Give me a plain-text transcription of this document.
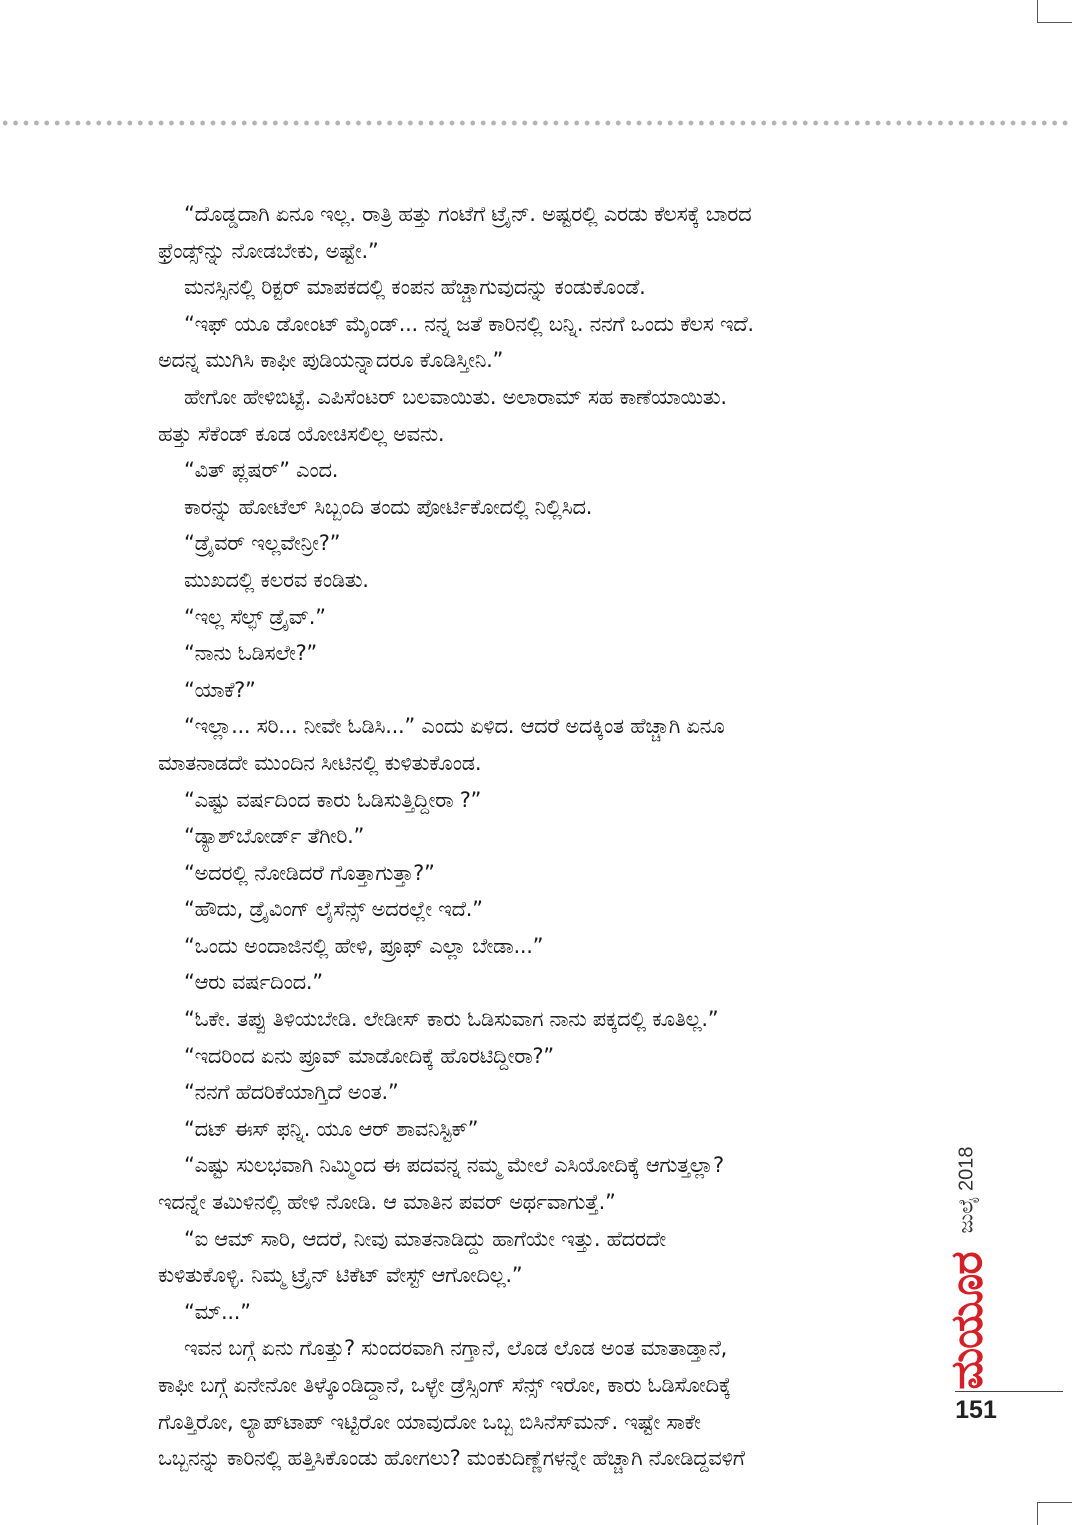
“ದೊಡ್ಡದಾಗಿ ಏನೂ ಇಲ್ಲ. ರಾತ್ರಿ ಹತ್ತು ಗಂಟೆಗೆ ಟ್ರೈನ್. ಅಷ್ಟರಲ್ಲಿ ಎರಡು ಕೆಲಸಕ್ಕೆ ಬಾರದ

ಫ್ರೆಂಡ್ಸ್‌ನ್ನು ನೋಡಬೇಕು, ಅಷ್ಟೇ.”

ಮನಸ್ಸಿನಲ್ಲಿ ರಿಕ್ಟರ್ ಮಾಪಕದಲ್ಲಿ ಕಂಪನ ಹೆಚ್ಚಾಗುವುದನ್ನು ಕಂಡುಕೊಂಡೆ.

“ಇಫ್ ಯೂ ಡೋಂಟ್ ಮೈಂಡ್... ನನ್ನ ಜತೆ ಕಾರಿನಲ್ಲಿ ಬನ್ನಿ. ನನಗೆ ಒಂದು ಕೆಲಸ ಇದೆ.

ಅದನ್ನ ಮುಗಿಸಿ ಕಾಫೀ ಪುಡಿಯನ್ನಾದರೂ ಕೊಡಿಸ್ತೀನಿ.”

ಹೇಗೋ ಹೇಳಿಬಿಟ್ಟೆ. ಎಪಿಸೆಂಟರ್ ಬಲವಾಯಿತು. ಅಲಾರಾಮ್ ಸಹ ಕಾಣೆಯಾಯಿತು.

ಹತ್ತು ಸೆಕೆಂಡ್ ಕೂಡ ಯೋಚಿಸಲಿಲ್ಲ ಅವನು.

“ವಿತ್ ಪ್ಲಷರ್” ಎಂದ.

ಕಾರನ್ನು ಹೋಟೆಲ್ ಸಿಬ್ಬಂದಿ ತಂದು ಪೋರ್ಟಿಕೋದಲ್ಲಿ ನಿಲ್ಲಿಸಿದ.

“ಡ್ರೈವರ್ ಇಲ್ಲವೇನ್ರೀ?”

ಮುಖದಲ್ಲಿ ಕಲರವ ಕಂಡಿತು.

“ಇಲ್ಲ ಸೆಲ್ಫ್ ಡ್ರೈವ್.”

“ನಾನು ಓಡಿಸಲೇ?”

“ಯಾಕೆ?”

“ಇಲ್ಲಾ... ಸರಿ... ನೀವೇ ಓಡಿಸಿ...” ಎಂದು ಏಳಿದ. ಆದರೆ ಅದಕ್ಕಿಂತ ಹೆಚ್ಚಾಗಿ ಏನೂ

ಮಾತನಾಡದೇ ಮುಂದಿನ ಸೀಟಿನಲ್ಲಿ ಕುಳಿತುಕೊಂಡ.

“ಎಷ್ಟು ವರ್ಷದಿಂದ ಕಾರು ಓಡಿಸುತ್ತಿದ್ದೀರಾ ?”

“ಡ್ಯಾಶ್‌ಬೋರ್ಡ್ ತೆಗೀರಿ.”

“ಅದರಲ್ಲಿ ನೋಡಿದರೆ ಗೊತ್ತಾಗುತ್ತಾ?”

“ಹೌದು, ಡ್ರೈವಿಂಗ್ ಲೈಸೆನ್ಸ್ ಅದರಲ್ಲೇ ಇದೆ.”

“ಒಂದು ಅಂದಾಜಿನಲ್ಲಿ ಹೇಳಿ, ಪ್ರೂಫ್ ಎಲ್ಲಾ ಬೇಡಾ...”

“ಆರು ವರ್ಷದಿಂದ.”

“ಓಕೇ. ತಪ್ಪು ತಿಳಿಯಬೇಡಿ. ಲೇಡೀಸ್ ಕಾರು ಓಡಿಸುವಾಗ ನಾನು ಪಕ್ಕದಲ್ಲಿ ಕೂತಿಲ್ಲ.”

“ಇದರಿಂದ ಏನು ಪ್ರೂವ್ ಮಾಡೋದಿಕ್ಕೆ ಹೊರಟಿದ್ದೀರಾ?”

“ನನಗೆ ಹೆದರಿಕೆಯಾಗ್ತಿದೆ ಅಂತ.”

“ದಟ್ ಈಸ್ ಫನ್ನಿ. ಯೂ ಆರ್ ಶಾವನಿಸ್ಟಿಕ್”

“ಎಷ್ಟು ಸುಲಭವಾಗಿ ನಿಮ್ಮಿಂದ ಈ ಪದವನ್ನ ನಮ್ಮ ಮೇಲೆ ಎಸಿಯೋದಿಕ್ಕೆ ಆಗುತ್ತಲ್ಲಾ?

ಇದನ್ನೇ ತಮಿಳಿನಲ್ಲಿ ಹೇಳಿ ನೋಡಿ. ಆ ಮಾತಿನ ಪವರ್ ಅರ್ಥವಾಗುತ್ತೆ.”

“ಐ ಆಮ್ ಸಾರಿ, ಆದರೆ, ನೀವು ಮಾತನಾಡಿದ್ದು ಹಾಗೆಯೇ ಇತ್ತು. ಹೆದರದೇ

ಕುಳಿತುಕೊಳ್ಳಿ. ನಿಮ್ಮ ಟ್ರೈನ್ ಟಿಕೆಟ್ ವೇಸ್ಟ್ ಆಗೋದಿಲ್ಲ.”

“ಮ್...”

ಇವನ ಬಗ್ಗೆ ಏನು ಗೊತ್ತು? ಸುಂದರವಾಗಿ ನಗ್ತಾನೆ, ಲೊಡ ಲೊಡ ಅಂತ ಮಾತಾಡ್ತಾನೆ,

ಕಾಫೀ ಬಗ್ಗೆ ಏನೇನೋ ತಿಳ್ಕೊಂಡಿದ್ದಾನೆ, ಒಳ್ಳೇ ಡ್ರೆಸ್ಸಿಂಗ್ ಸೆನ್ಸ್ ಇರೋ, ಕಾರು ಓಡಿಸೋದಿಕ್ಕೆ

ಗೊತ್ತಿರೋ, ಲ್ಯಾಪ್‌ಟಾಪ್ ಇಟ್ಟಿರೋ ಯಾವುದೋ ಒಬ್ಬ ಬಿಸಿನೆಸ್‌ಮನ್. ಇಷ್ಟೇ ಸಾಕೇ

ಒಬ್ಬನನ್ನು ಕಾರಿನಲ್ಲಿ ಹತ್ತಿಸಿಕೊಂಡು ಹೋಗಲು? ಮಂಕುದಿಣ್ಣೆಗಳನ್ನೇ ಹೆಚ್ಚಾಗಿ ನೋಡಿದ್ದವಳಿಗೆ

ಜುಲೈ 2018
ಮಯೂರ
151
